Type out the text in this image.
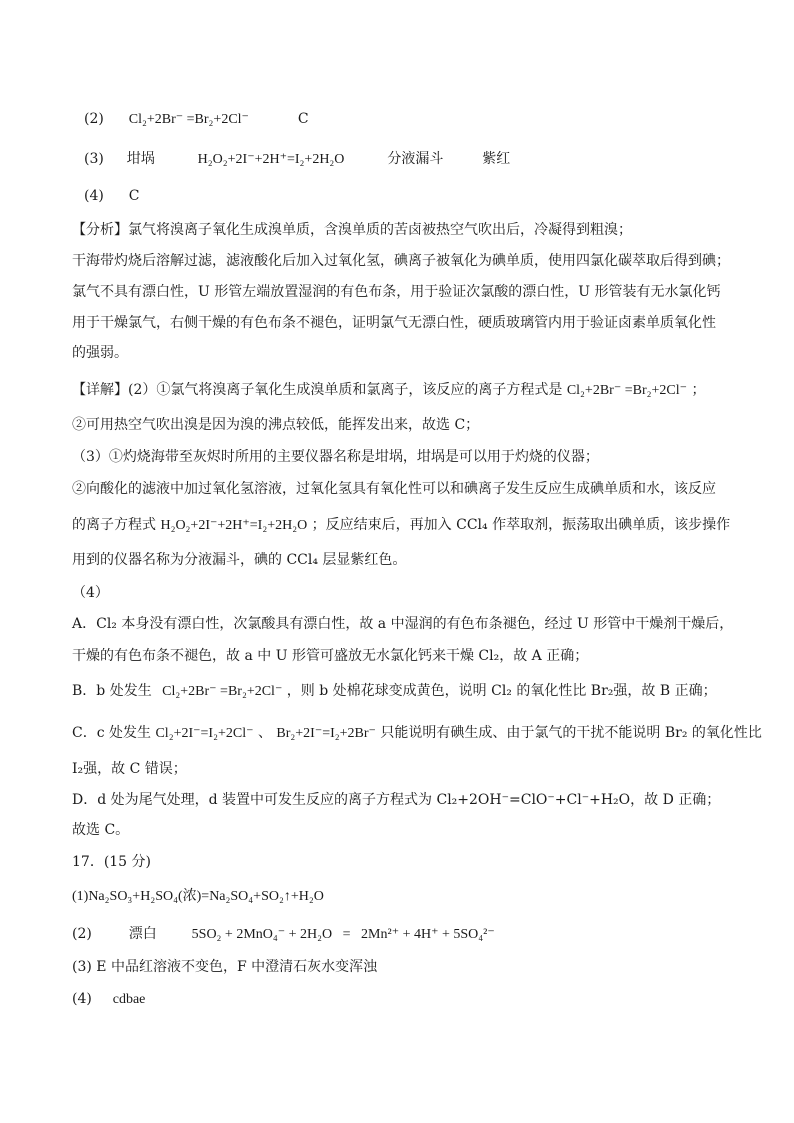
(2) Cl₂+2Br⁻ =Br₂+2Cl⁻	C
(3) 坩埚	H₂O₂+2I⁻+2H⁺=I₂+2H₂O	分液漏斗	紫红
(4) C
【分析】氯气将溴离子氧化生成溴单质，含溴单质的苦卤被热空气吹出后，冷凝得到粗溴；
干海带灼烧后溶解过滤，滤液酸化后加入过氧化氢，碘离子被氧化为碘单质，使用四氯化碳萃取后得到碘；
氯气不具有漂白性，U 形管左端放置湿润的有色布条，用于验证次氯酸的漂白性，U 形管装有无水氯化钙
用于干燥氯气，右侧干燥的有色布条不褪色，证明氯气无漂白性，硬质玻璃管内用于验证卤素单质氧化性
的强弱。
【详解】(2）①氯气将溴离子氧化生成溴单质和氯离子，该反应的离子方程式是 Cl₂+2Br⁻ =Br₂+2Cl⁻ ；
②可用热空气吹出溴是因为溴的沸点较低，能挥发出来，故选 C；
（3）①灼烧海带至灰烬时所用的主要仪器名称是坩埚，坩埚是可以用于灼烧的仪器；
②向酸化的滤液中加过氧化氢溶液，过氧化氢具有氧化性可以和碘离子发生反应生成碘单质和水，该反应
的离子方程式 H₂O₂+2I⁻+2H⁺=I₂+2H₂O ；反应结束后，再加入 CCl₄ 作萃取剂，振荡取出碘单质，该步操作
用到的仪器名称为分液漏斗，碘的 CCl₄ 层显紫红色。
（4）
A．Cl₂ 本身没有漂白性，次氯酸具有漂白性，故 a 中湿润的有色布条褪色，经过 U 形管中干燥剂干燥后，
干燥的有色布条不褪色，故 a 中 U 形管可盛放无水氯化钙来干燥 Cl₂，故 A 正确；
B．b 处发生 Cl₂+2Br⁻ =Br₂+2Cl⁻ ，则 b 处棉花球变成黄色，说明 Cl₂ 的氧化性比 Br₂强，故 B 正确；
C．c 处发生 Cl₂+2I⁻=I₂+2Cl⁻ 、 Br₂+2I⁻=I₂+2Br⁻ 只能说明有碘生成、由于氯气的干扰不能说明 Br₂ 的氧化性比
I₂强，故 C 错误；
D．d 处为尾气处理，d 装置中可发生反应的离子方程式为 Cl₂+2OH⁻=ClO⁻+Cl⁻+H₂O，故 D 正确；
故选 C。
17．(15 分)
(1)Na₂SO₃+H₂SO₄(浓)=Na₂SO₄+SO₂↑+H₂O
(2)	漂白 5SO₂ + 2MnO₄⁻ + 2H₂O   =   2Mn²⁺ + 4H⁺ + 5SO₄²⁻
(3) E 中品红溶液不变色，F 中澄清石灰水变浑浊
(4) cdbae
